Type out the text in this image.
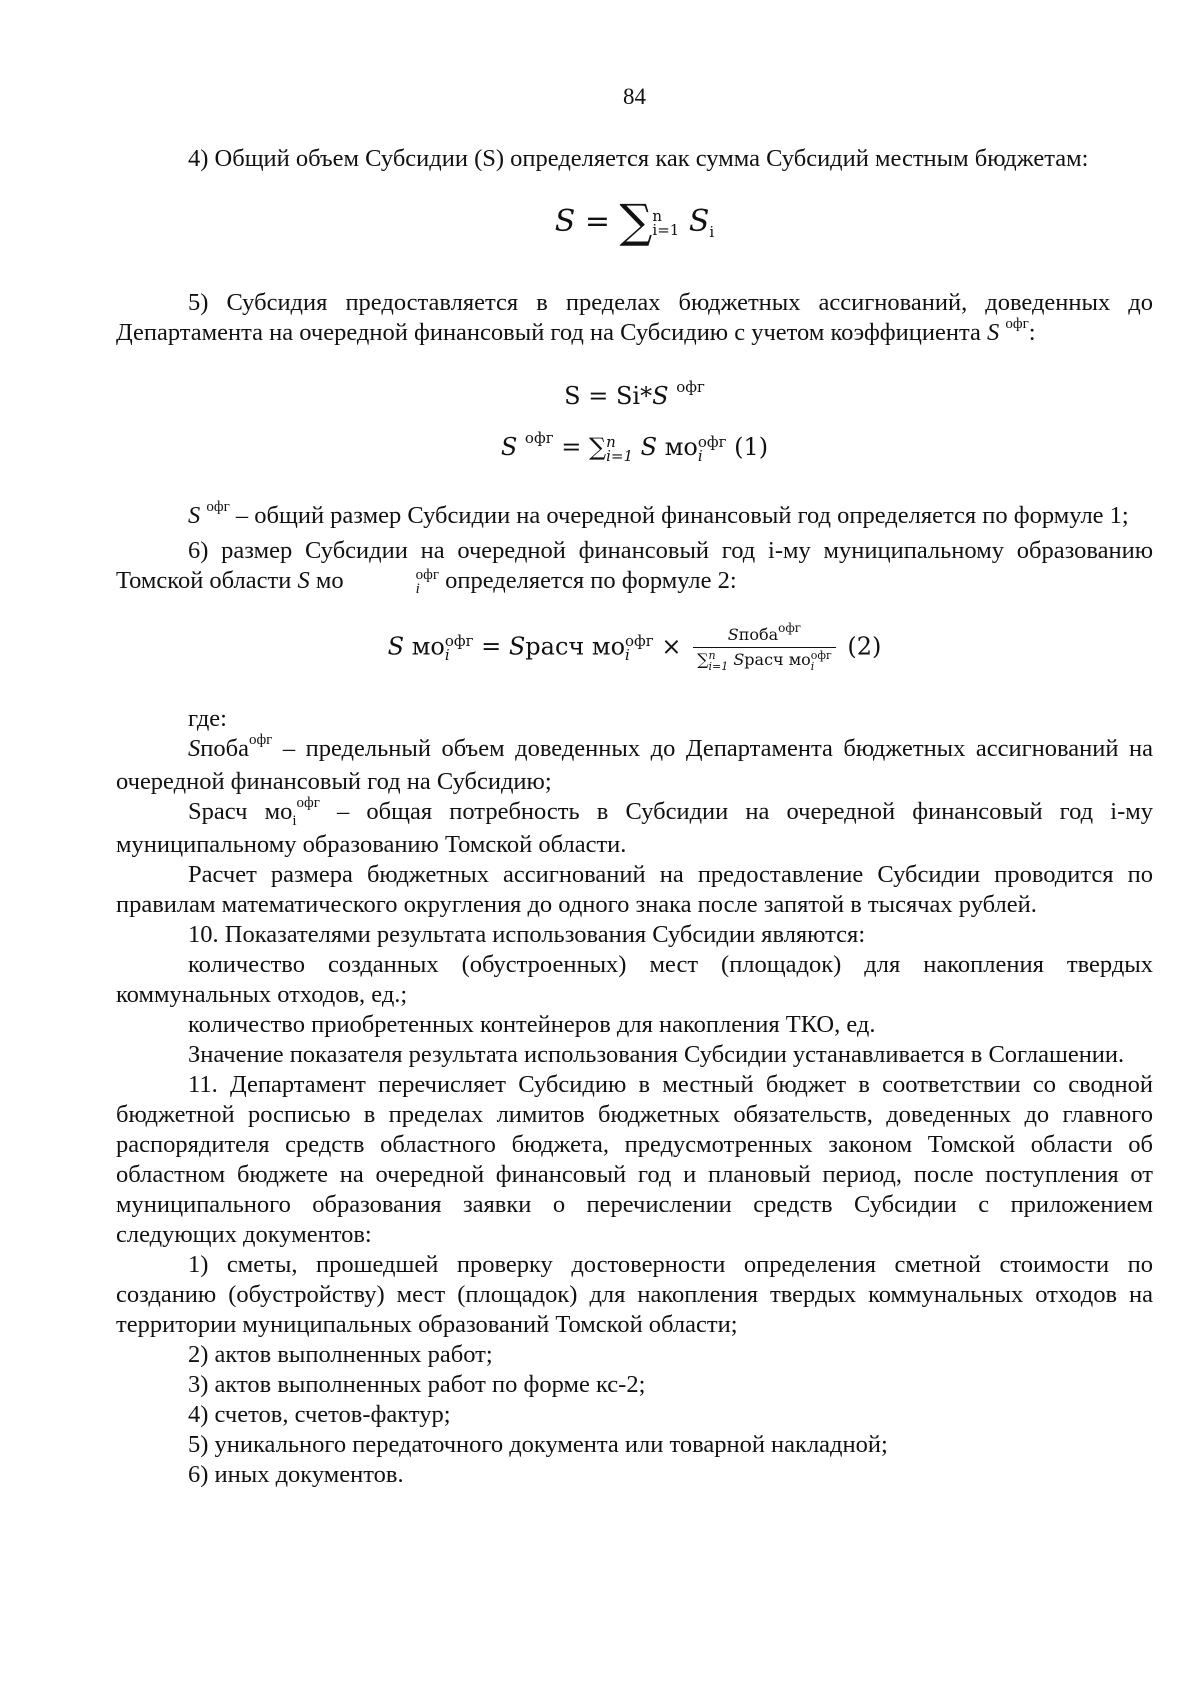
84

4) Общий объем Субсидии (S) определяется как сумма Субсидий местным бюджетам:

S = ∑ n
i=1 $S_i$

5) Субсидия предоставляется в пределах бюджетных ассигнований, доведенных до Департамента на очередной финансовый год на Субсидию с учетом коэффициента S $^{офг}$:

S = Si*S $^{офг}$
S $^{офг}$ = ∑ n
i=1 S мо офг
i	(1)

S $^{офг}$ – общий размер Субсидии на очередной финансовый год определяется по формуле 1;

6) размер Субсидии на очередной финансовый год i-му муниципальному образованию Томской области S мо	офг
i	определяется по формуле 2:

S мо офг
i	= Sрасч мо офг
i	× Sпоба$^{офг}$
∑ n
i=1 Sрасч мо офг
i (2)

где:

Sпоба$^{офг}$ – предельный объем доведенных до Департамента бюджетных ассигнований на очередной финансовый год на Субсидию;

Sрасч $мо_i^{офг}$ – общая потребность в Субсидии на очередной финансовый год i-му муниципальному образованию Томской области.

Расчет размера бюджетных ассигнований на предоставление Субсидии проводится по правилам математического округления до одного знака после запятой в тысячах рублей.

10. Показателями результата использования Субсидии являются:

количество созданных (обустроенных) мест (площадок) для накопления твердых коммунальных отходов, ед.;

количество приобретенных контейнеров для накопления ТКО, ед.

Значение показателя результата использования Субсидии устанавливается в Соглашении.

11. Департамент перечисляет Субсидию в местный бюджет в соответствии со сводной бюджетной росписью в пределах лимитов бюджетных обязательств, доведенных до главного распорядителя средств областного бюджета, предусмотренных законом Томской области об областном бюджете на очередной финансовый год и плановый период, после поступления от муниципального образования заявки о перечислении средств Субсидии с приложением следующих документов:

1) сметы, прошедшей проверку достоверности определения сметной стоимости по созданию (обустройству) мест (площадок) для накопления твердых коммунальных отходов на территории муниципальных образований Томской области;

2) актов выполненных работ;

3) актов выполненных работ по форме кс-2;

4) счетов, счетов-фактур;

5) уникального передаточного документа или товарной накладной;

6) иных документов.
